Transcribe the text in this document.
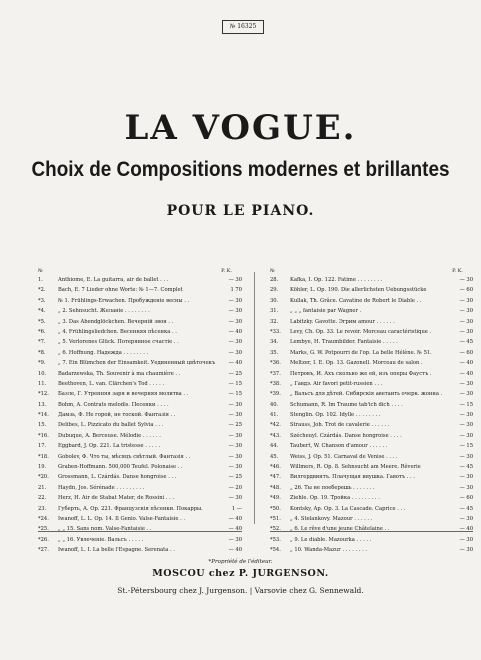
№ 16325
LA VOGUE.
Choix de Compositions modernes et brillantes
POUR LE PIANO.
№	P. K.
1.	Anthiome, E. La guitarra, air de ballet . . .	— 30
*2. Bach, E. 7 Lieder ohne Worte: № 1—7. Complet	1 70
*3. № 1. Frühlings-Erwachen. Пробужденіе весны . .	— 30
*4. „ 2. Sehnsucht. Желаніе . . . . . . . .	— 30
*5. „ 3. Das Abendglöckchen. Вечерній звон . .	— 30
*6. „ 4. Frühlingsliedchen. Весенняя пѣсенка . .	— 40
*7. „ 5. Verlorenes Glück. Потерянное счастіе . .	— 30
*8. „ 6. Hoffnung. Надежда . . . . . . . .	— 30
*9. „ 7. Ein Blümchen der Einsamkeit. Уединенный цвѣточекъ	— 40
10. Badarzewska, Th. Souvenir à ma chaumière . .	— 25
11. Beethoven, L. van. Clärchen's Tod . . . . .	— 15
*12. Базле, Г. Утренняя заря и вечерняя молитва . .	— 15
13. Bohm, A. Contrats melodis. Песенки . . . .	— 30
*14. Дамзь, Ф. Не горой, не тоской. Фантазія . .	— 30
15. Delibes, L. Pizzicato du ballet Sylvia . . .	— 25
*16. Dubuque, A. Berceuse. Mélodie . . . . . .	— 30
17. Eggbard, J. Op. 221. La tristesse . . . . .	— 30
*18. Gobolev, Ф. Что ты, мѣсяцъ свѣтлый. Фантазія . .	— 30
19. Graben-Hoffmann. 500,000 Teufel. Polonaise . .	— 30
*20. Grossmann, L. Czárdás. Danse hongroise . . .	— 25
21. Haydn, Jos. Sérénade . . . . . . . . .	— 20
22. Herz, H. Air de Stabat Mater, de Rossini . . .	— 30
23. Губерть, А. Op. 221. Французскія пѣсенки. Покарры.	1 —
*24. Iwanoff, L. L. Op. 14. Il Genio. Valse-Fantaisie . .	— 40
*25. „ „ 15. Sans nom. Valse-Fantaisie . .	— 40
*26. „ „ 16. Увлеченіе. Вальсъ . . . . .	— 30
*27. Iwanoff, L. I. La belle l'Espagne. Serenata . .	— 40
№	P. K.
28. Kafka, I. Op. 122. Fatime . . . . . . . .	— 30
29. Köhler, L. Op. 190. Die allerlichsten Uebungsstücke	— 60
30. Kullak, Th. Grâce. Cavatine de Robert le Diable . .	— 30
31. „ „ „ fantaisie par Wagner .	— 30
32. Labitzky. Gavotte. Эгрим amour . . . . . .	— 30
*33. Levy, Ch. Op. 33. Le revoir. Morceau caractéristique .	— 30
34. Lembye, H. Traumbilder. Fantaisie . . . . .	— 45
35. Marks, G. W. Potpourri de l'op. La belle Hélène. № 51.	— 60
*36. Meltzer, I. E. Op. 13. Gazonell. Morceau de salon .	— 40
*37. Петровъ, И. Ахъ сколько же ей, изъ оперы Фаустъ .	— 40
*38. „ Гавдэ. Air favori petit-russien . . .	— 30
*39. „ Вальсъ для дѣтей. Сибирскія аветаить очерк. жонна .	— 30
40. Schumann, R. Im Traume tab'ich dich . . . .	— 15
41. Stenglin. Op. 102. Idylle . . . . . . . .	— 30
*42. Strauss, Joh. Trot de cavalerie . . . . . .	— 30
*43. Szécheuyl. Czárdás. Danse hongroise . . . .	— 30
44. Taubert, W. Chanson d'amour . . . . . .	— 15
45. Weiss, J. Op. 51. Carnaval de Venise . . . .	— 30
*46. Willmers, R. Op. 8. Sehnsucht am Meere. Rêverie	— 45
*47. Вилгердвинтъ. Плачущая ивушка. Гавотъ . . .	— 30
*48. „ 26. Ты не поеберешь . . . . . . .	— 30
*49. Ziehle. Op. 19. Тройка . . . . . . . . .	— 60
*50. Kontsky, Ap. Op. 3. La Cascade. Caprice . . .	— 45
*51. „ 4. Stelankovy. Mazour . . . . . .	— 30
*52. „ 6. Le rêve d'une jeune Châtelaine . .	— 40
*53. „ 9. Le diable. Mazourka . . . . .	— 30
*54. „ 10. Wanda-Mazur . . . . . . . .	— 30
*Propriété de l'éditeur.
MOSCOU chez P. JURGENSON.
St.-Pétersbourg chez J. Jurgenson. | Varsovie chez G. Sennewald.
